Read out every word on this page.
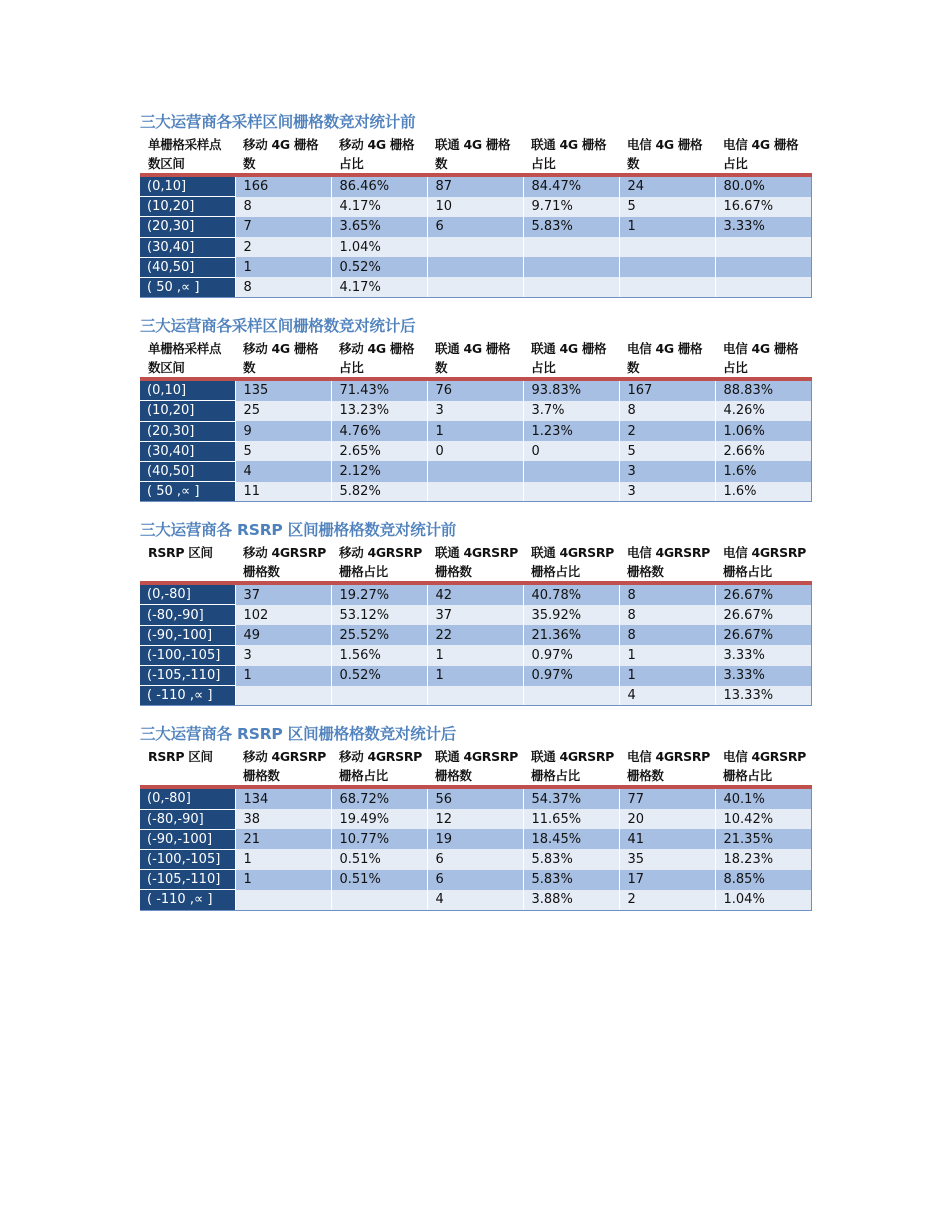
三大运营商各采样区间栅格数竞对统计前
单栅格采样点数区间	移动 4G 栅格数	移动 4G 栅格占比	联通 4G 栅格数	联通 4G 栅格占比	电信 4G 栅格数	电信 4G 栅格占比
(0,10]	166	86.46%	87	84.47%	24	80.0%
(10,20]	8	4.17%	10	9.71%	5	16.67%
(20,30]	7	3.65%	6	5.83%	1	3.33%
(30,40]	2	1.04%				
(40,50]	1	0.52%				
( 50 ,∝ ]	8	4.17%				
三大运营商各采样区间栅格数竞对统计后
单栅格采样点数区间	移动 4G 栅格数	移动 4G 栅格占比	联通 4G 栅格数	联通 4G 栅格占比	电信 4G 栅格数	电信 4G 栅格占比
(0,10]	135	71.43%	76	93.83%	167	88.83%
(10,20]	25	13.23%	3	3.7%	8	4.26%
(20,30]	9	4.76%	1	1.23%	2	1.06%
(30,40]	5	2.65%	0	0	5	2.66%
(40,50]	4	2.12%			3	1.6%
( 50 ,∝ ]	11	5.82%			3	1.6%
三大运营商各 RSRP 区间栅格格数竞对统计前
RSRP 区间	移动 4GRSRP 栅格数	移动 4GRSRP 栅格占比	联通 4GRSRP 栅格数	联通 4GRSRP 栅格占比	电信 4GRSRP 栅格数	电信 4GRSRP 栅格占比
(0,-80]	37	19.27%	42	40.78%	8	26.67%
(-80,-90]	102	53.12%	37	35.92%	8	26.67%
(-90,-100]	49	25.52%	22	21.36%	8	26.67%
(-100,-105]	3	1.56%	1	0.97%	1	3.33%
(-105,-110]	1	0.52%	1	0.97%	1	3.33%
( -110 ,∝ ]					4	13.33%
三大运营商各 RSRP 区间栅格格数竞对统计后
RSRP 区间	移动 4GRSRP 栅格数	移动 4GRSRP 栅格占比	联通 4GRSRP 栅格数	联通 4GRSRP 栅格占比	电信 4GRSRP 栅格数	电信 4GRSRP 栅格占比
(0,-80]	134	68.72%	56	54.37%	77	40.1%
(-80,-90]	38	19.49%	12	11.65%	20	10.42%
(-90,-100]	21	10.77%	19	18.45%	41	21.35%
(-100,-105]	1	0.51%	6	5.83%	35	18.23%
(-105,-110]	1	0.51%	6	5.83%	17	8.85%
( -110 ,∝ ]			4	3.88%	2	1.04%
